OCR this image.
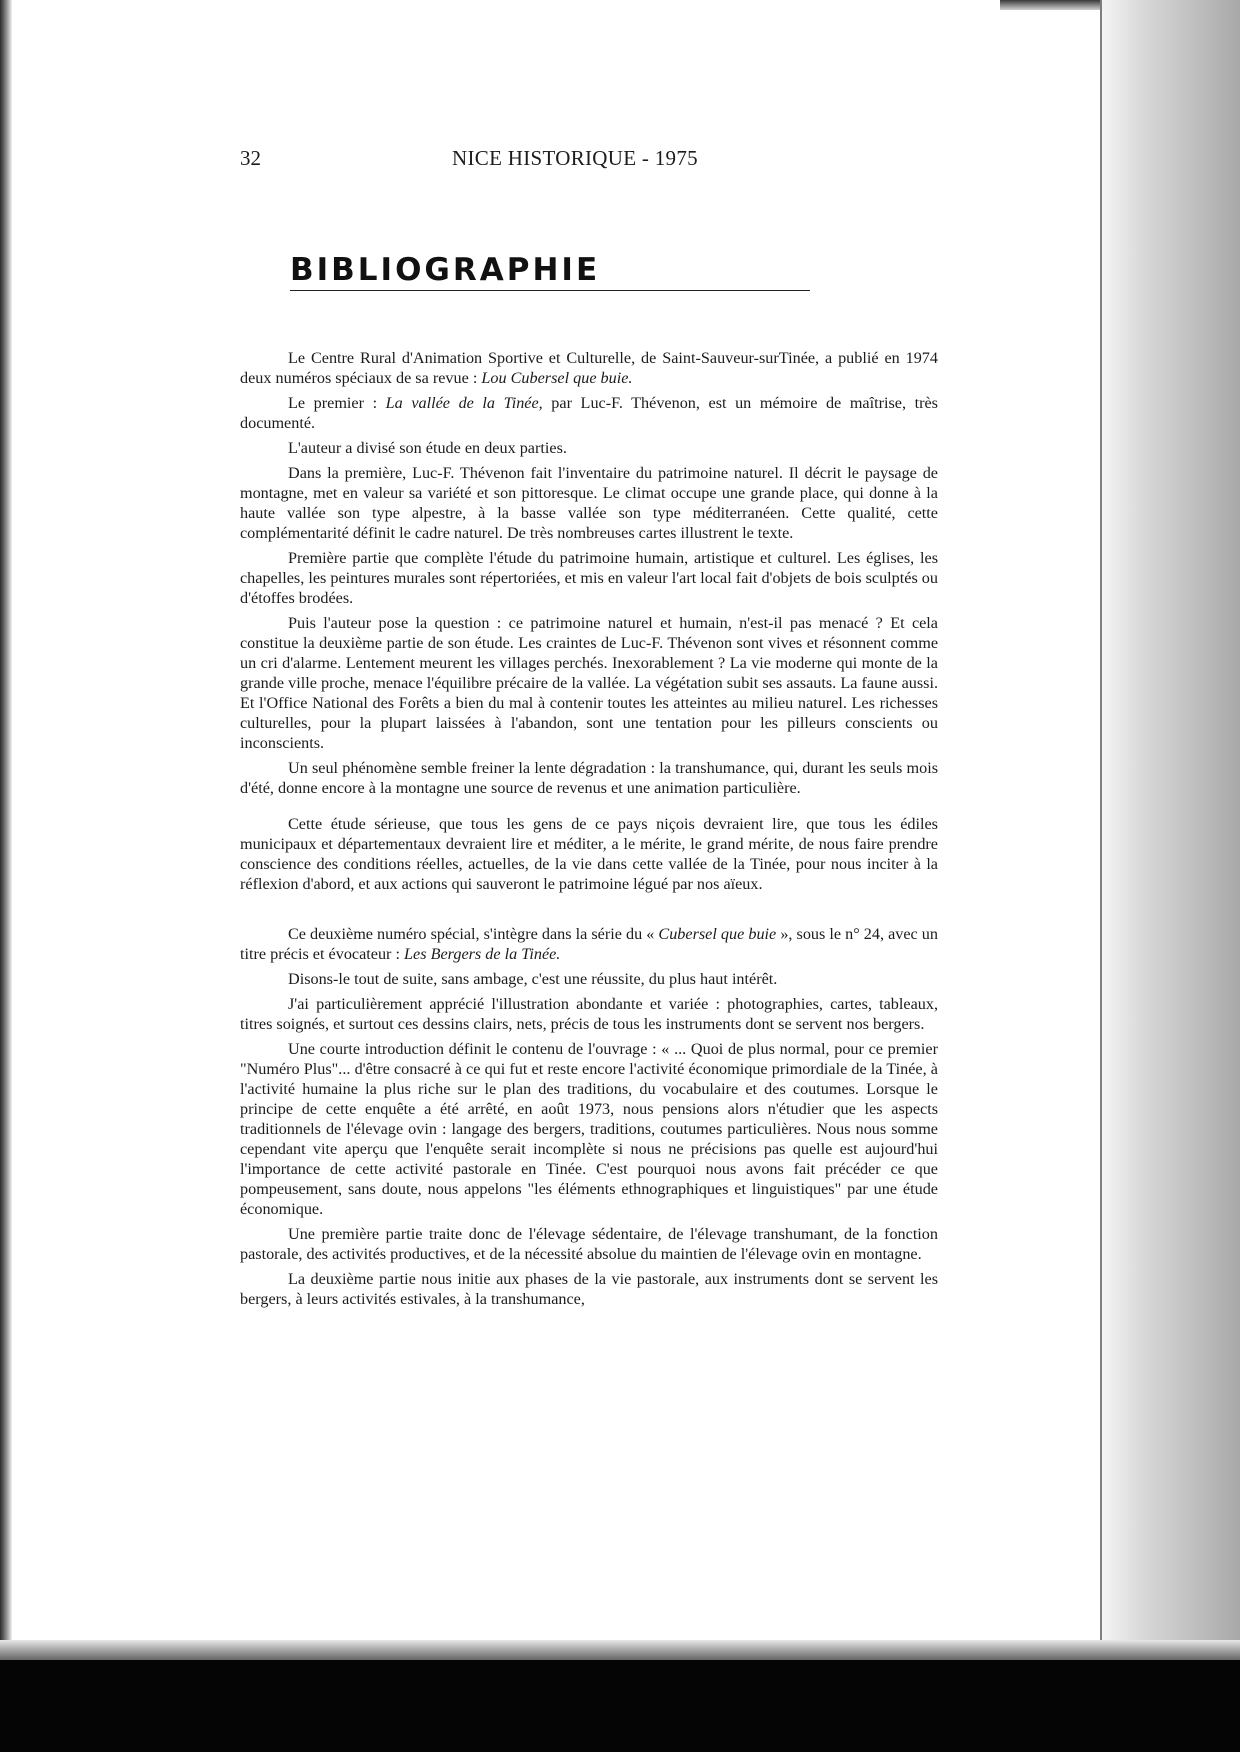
32	NICE HISTORIQUE - 1975
BIBLIOGRAPHIE

Le Centre Rural d'Animation Sportive et Culturelle, de Saint-Sauveur-surTinée, a publié en 1974 deux numéros spéciaux de sa revue : Lou Cubersel que buie.

Le premier : La vallée de la Tinée, par Luc-F. Thévenon, est un mémoire de maîtrise, très documenté.

L'auteur a divisé son étude en deux parties.

Dans la première, Luc-F. Thévenon fait l'inventaire du patrimoine naturel. Il décrit le paysage de montagne, met en valeur sa variété et son pittoresque. Le climat occupe une grande place, qui donne à la haute vallée son type alpestre, à la basse vallée son type méditerranéen. Cette qualité, cette complémentarité définit le cadre naturel. De très nombreuses cartes illustrent le texte.

Première partie que complète l'étude du patrimoine humain, artistique et culturel. Les églises, les chapelles, les peintures murales sont répertoriées, et mis en valeur l'art local fait d'objets de bois sculptés ou d'étoffes brodées.

Puis l'auteur pose la question : ce patrimoine naturel et humain, n'est-il pas menacé ? Et cela constitue la deuxième partie de son étude. Les craintes de Luc-F. Thévenon sont vives et résonnent comme un cri d'alarme. Lentement meurent les villages perchés. Inexorablement ? La vie moderne qui monte de la grande ville proche, menace l'équilibre précaire de la vallée. La végétation subit ses assauts. La faune aussi. Et l'Office National des Forêts a bien du mal à contenir toutes les atteintes au milieu naturel. Les richesses culturelles, pour la plupart laissées à l'abandon, sont une tentation pour les pilleurs conscients ou inconscients.

Un seul phénomène semble freiner la lente dégradation : la transhumance, qui, durant les seuls mois d'été, donne encore à la montagne une source de revenus et une animation particulière.

Cette étude sérieuse, que tous les gens de ce pays niçois devraient lire, que tous les édiles municipaux et départementaux devraient lire et méditer, a le mérite, le grand mérite, de nous faire prendre conscience des conditions réelles, actuelles, de la vie dans cette vallée de la Tinée, pour nous inciter à la réflexion d'abord, et aux actions qui sauveront le patrimoine légué par nos aïeux.

Ce deuxième numéro spécial, s'intègre dans la série du « Cubersel que buie », sous le n° 24, avec un titre précis et évocateur : Les Bergers de la Tinée.

Disons-le tout de suite, sans ambage, c'est une réussite, du plus haut intérêt.

J'ai particulièrement apprécié l'illustration abondante et variée : photographies, cartes, tableaux, titres soignés, et surtout ces dessins clairs, nets, précis de tous les instruments dont se servent nos bergers.

Une courte introduction définit le contenu de l'ouvrage : « ... Quoi de plus normal, pour ce premier "Numéro Plus"... d'être consacré à ce qui fut et reste encore l'activité économique primordiale de la Tinée, à l'activité humaine la plus riche sur le plan des traditions, du vocabulaire et des coutumes. Lorsque le principe de cette enquête a été arrêté, en août 1973, nous pensions alors n'étudier que les aspects traditionnels de l'élevage ovin : langage des bergers, traditions, coutumes particulières. Nous nous somme cependant vite aperçu que l'enquête serait incomplète si nous ne précisions pas quelle est aujourd'hui l'importance de cette activité pastorale en Tinée. C'est pourquoi nous avons fait précéder ce que pompeusement, sans doute, nous appelons "les éléments ethnographiques et linguistiques" par une étude économique.

Une première partie traite donc de l'élevage sédentaire, de l'élevage transhumant, de la fonction pastorale, des activités productives, et de la nécessité absolue du maintien de l'élevage ovin en montagne.

La deuxième partie nous initie aux phases de la vie pastorale, aux instruments dont se servent les bergers, à leurs activités estivales, à la transhumance,
